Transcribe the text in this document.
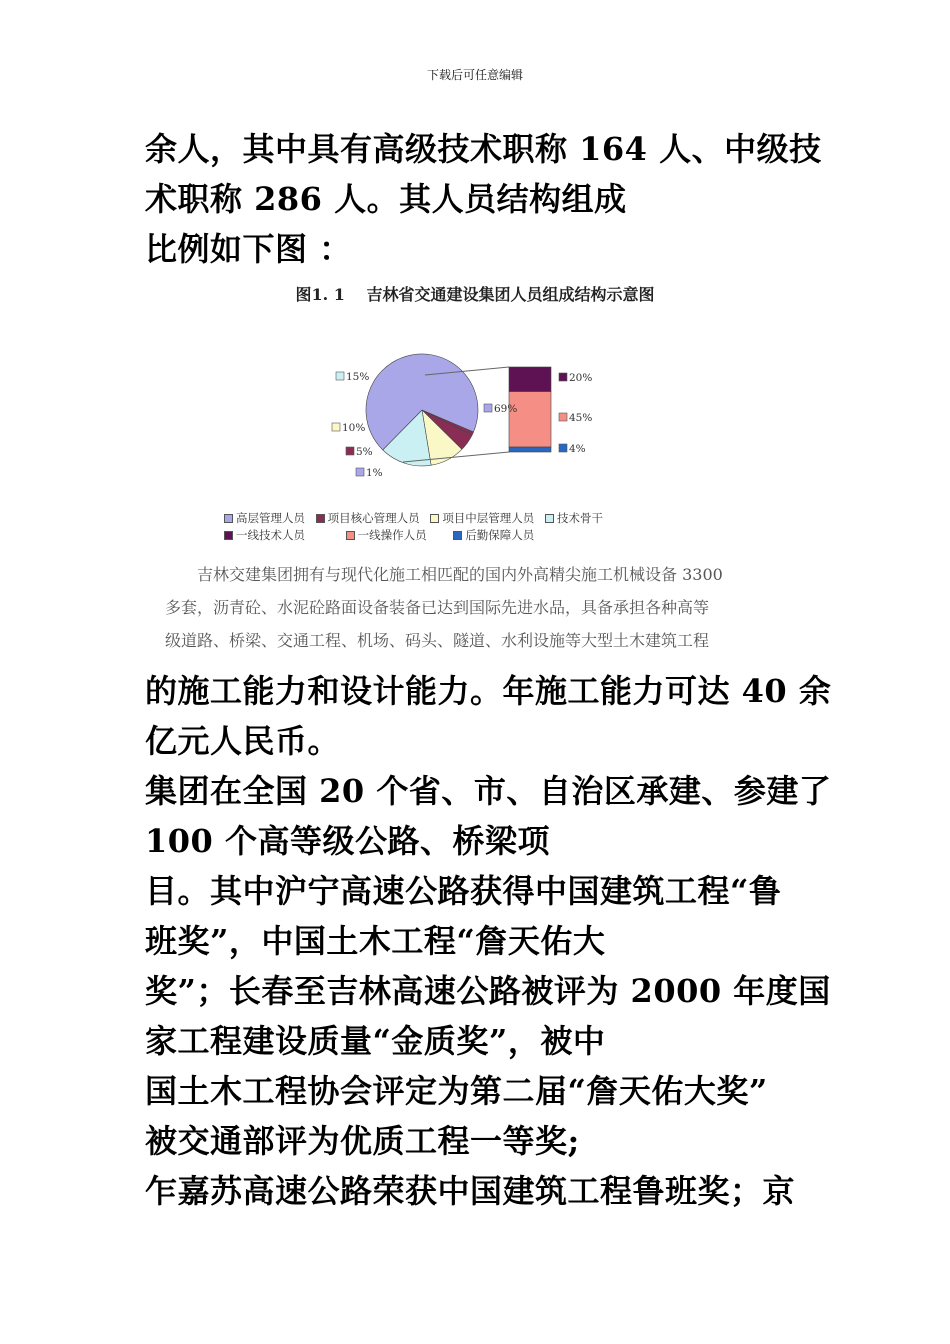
下载后可任意编辑
余人，其中具有高级技术职称 164 人、中级技
术职称 286 人。其人员结构组成
比例如下图 ：
图1. 1　 吉林省交通建设集团人员组成结构示意图
15%
10%
5%
1%
69%
20%
45%
4%
高层管理人员 项目核心管理人员 项目中层管理人员 技术骨干
一线技术人员	一线操作人员	后勤保障人员
吉林交建集团拥有与现代化施工相匹配的国内外高精尖施工机械设备 3300
多套，沥青砼、水泥砼路面设备装备已达到国际先进水品，具备承担各种高等
级道路、桥梁、交通工程、机场、码头、隧道、水利设施等大型土木建筑工程
的施工能力和设计能力。年施工能力可达 40 余
亿元人民币。
集团在全国 20 个省、市、自治区承建、参建了
100 个高等级公路、桥梁项
目。其中沪宁高速公路获得中国建筑工程“鲁
班奖”，中国土木工程“詹天佑大
奖”；长春至吉林高速公路被评为 2000 年度国
家工程建设质量“金质奖”，被中
国土木工程协会评定为第二届“詹天佑大奖”
被交通部评为优质工程一等奖;
乍嘉苏高速公路荣获中国建筑工程鲁班奖；京
